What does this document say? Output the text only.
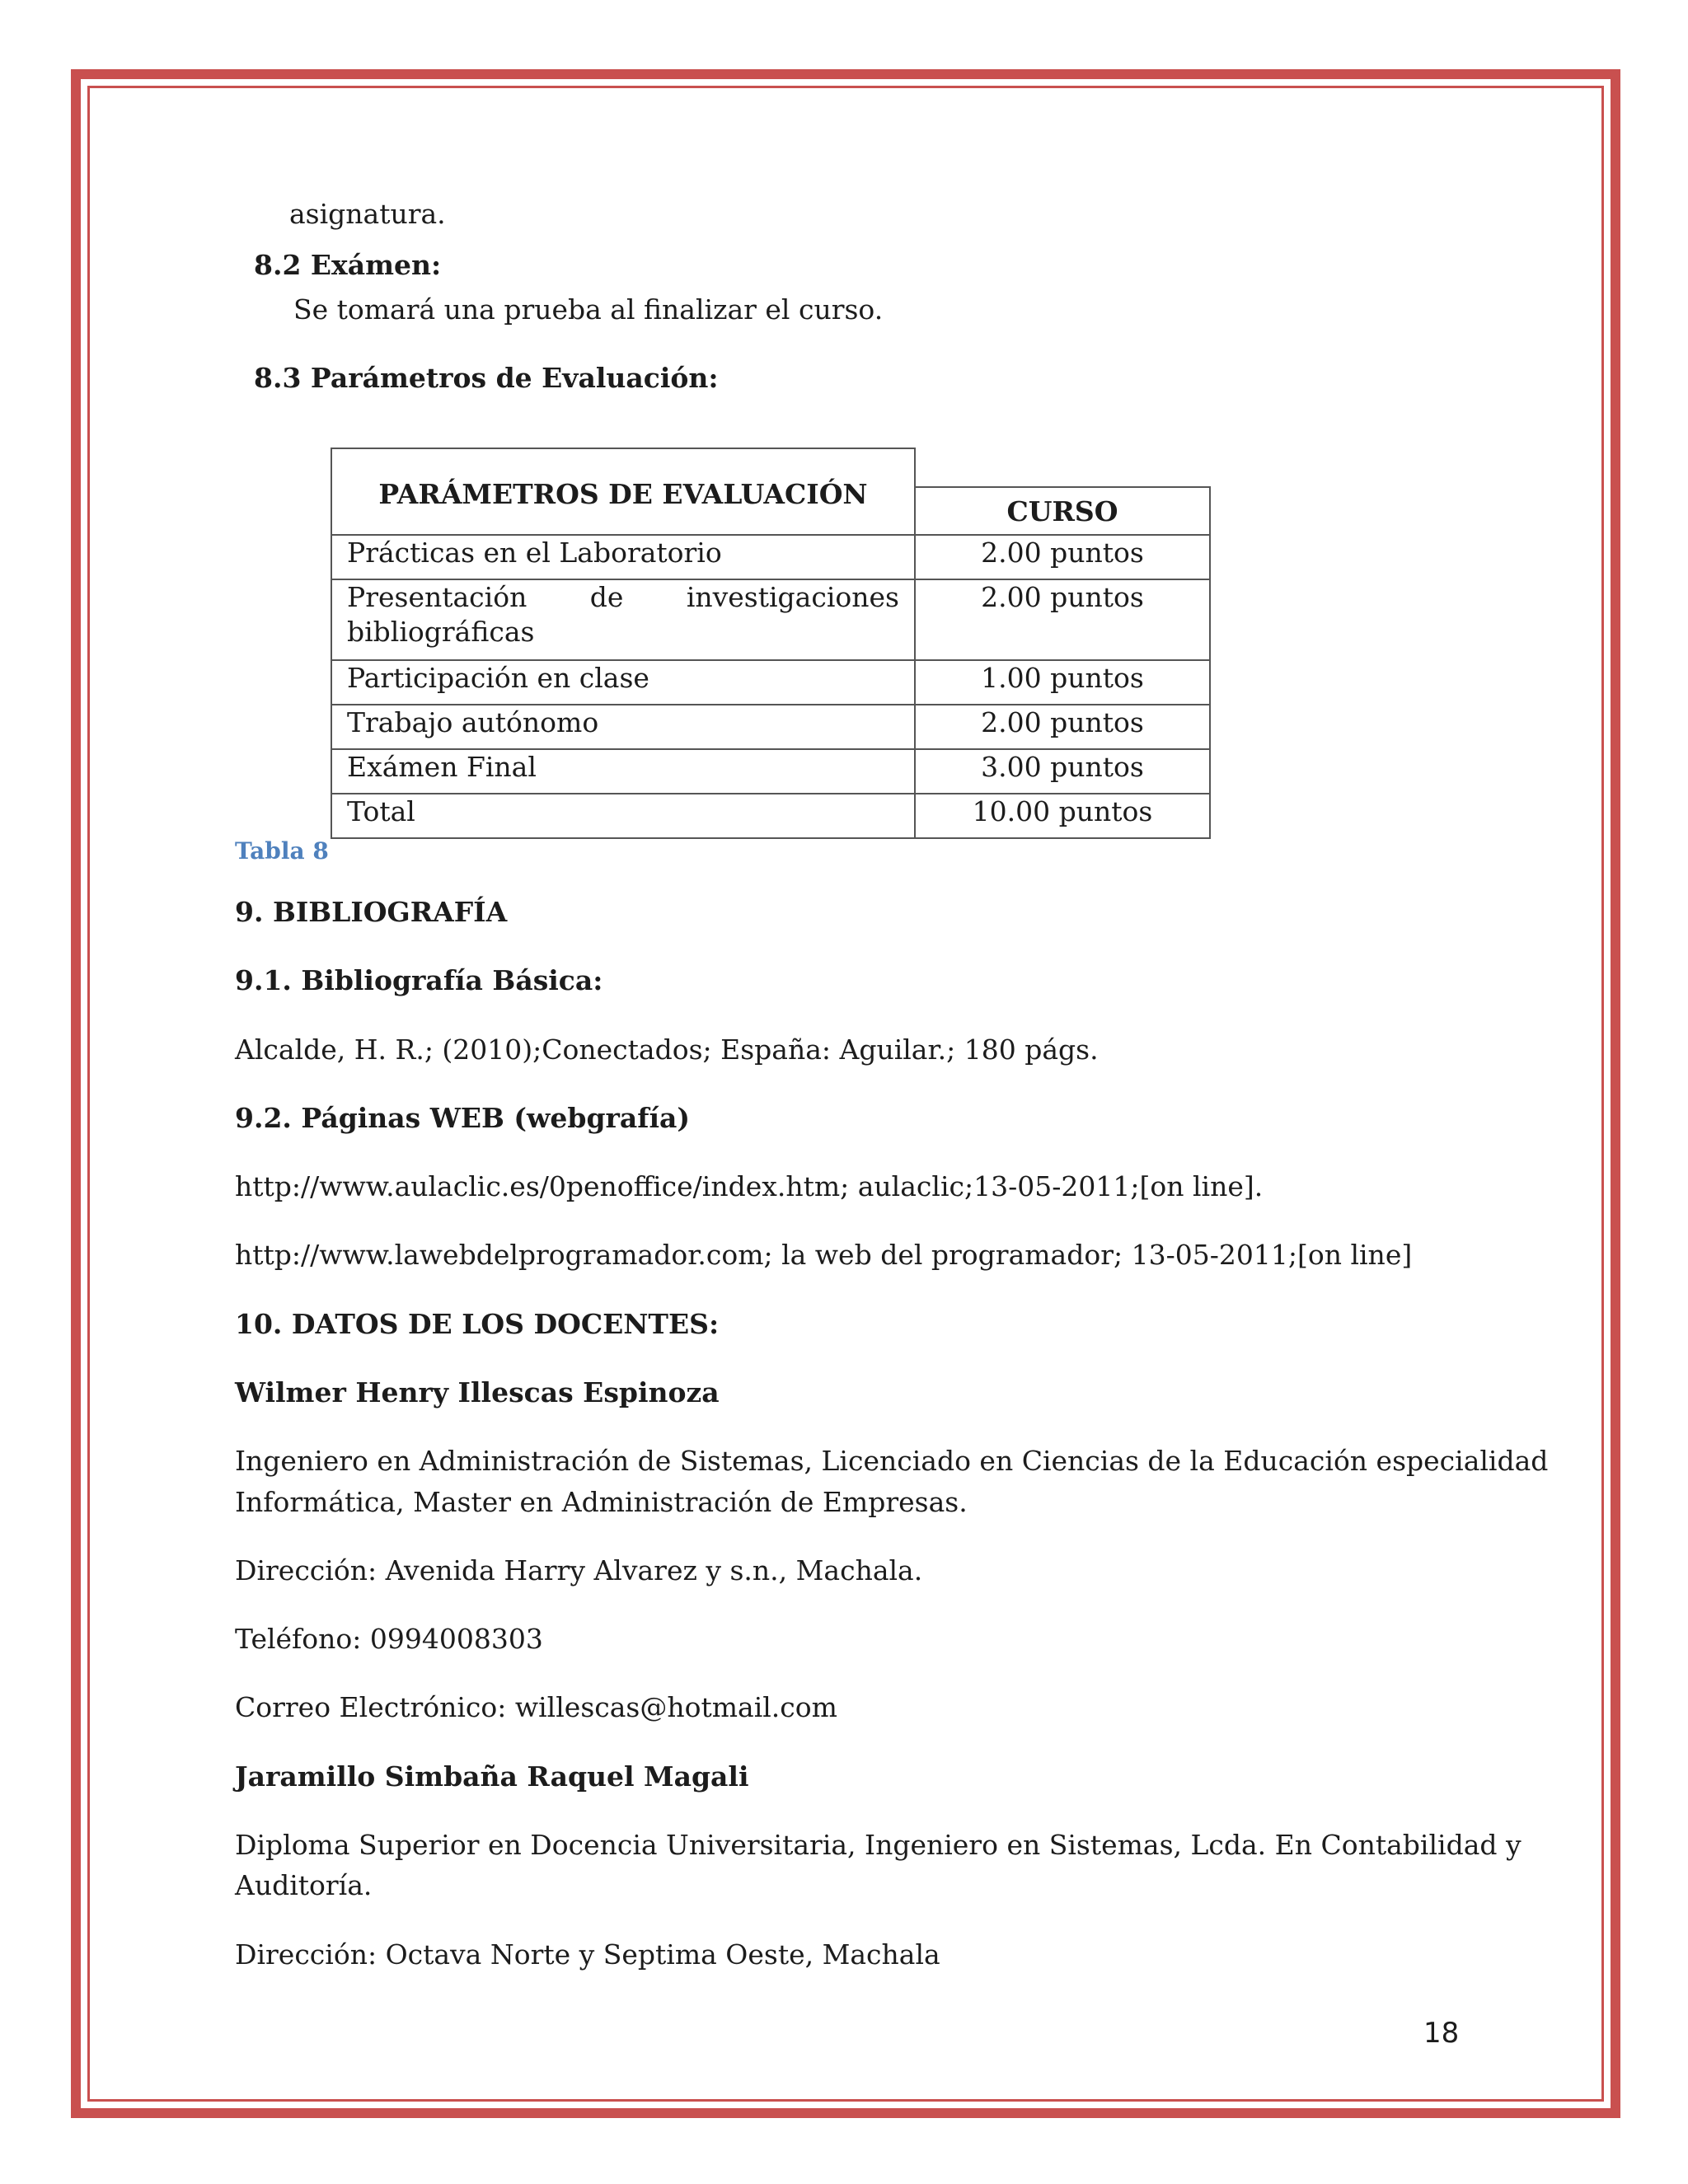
asignatura.
8.2 Exámen:
Se tomará una prueba al finalizar el curso.
8.3 Parámetros de Evaluación:
PARÁMETROS DE EVALUACIÓN	
	CURSO
Prácticas en el Laboratorio	2.00 puntos

Presentación de investigaciones
bibliográficas	2.00 puntos
Participación en clase	1.00 puntos
Trabajo autónomo	2.00 puntos
Exámen Final	3.00 puntos
Total	10.00 puntos
Tabla 8
9. BIBLIOGRAFÍA
9.1. Bibliografía Básica:
Alcalde, H. R.; (2010);Conectados; España: Aguilar.; 180 págs.
9.2. Páginas WEB (webgrafía)
http://www.aulaclic.es/0penoffice/index.htm; aulaclic;13-05-2011;[on line].
http://www.lawebdelprogramador.com; la web del programador; 13-05-2011;[on line]
10. DATOS DE LOS DOCENTES:
Wilmer Henry Illescas Espinoza
Ingeniero en Administración de Sistemas, Licenciado en Ciencias de la Educación especialidad
Informática, Master en Administración de Empresas.
Dirección: Avenida Harry Alvarez y s.n., Machala.
Teléfono: 0994008303
Correo Electrónico: willescas@hotmail.com
Jaramillo Simbaña Raquel Magali
Diploma Superior en Docencia Universitaria, Ingeniero en Sistemas, Lcda. En Contabilidad y
Auditoría.
Dirección: Octava Norte y Septima Oeste, Machala
18
